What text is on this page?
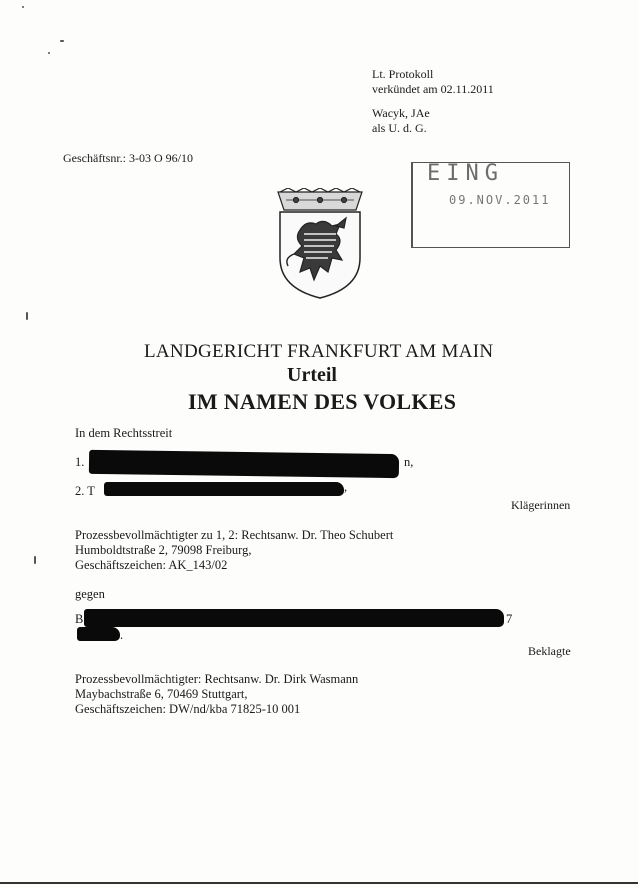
Lt. Protokoll
verkündet am 02.11.2011
Wacyk, JAe
als U. d. G.
Geschäftsnr.: 3-03 O 96/10
EING
09.NOV.2011
LANDGERICHT FRANKFURT AM MAIN
Urteil
IM NAMEN DES VOLKES
In dem Rechtsstreit
1.	n,
2. T	,
Klägerinnen
Prozessbevollmächtigter zu 1, 2: Rechtsanw. Dr. Theo Schubert
Humboldtstraße 2, 79098 Freiburg,
Geschäftszeichen: AK_143/02
gegen
B	7
.
Beklagte
Prozessbevollmächtigter: Rechtsanw. Dr. Dirk Wasmann
Maybachstraße 6, 70469 Stuttgart,
Geschäftszeichen: DW/nd/kba 71825-10 001
